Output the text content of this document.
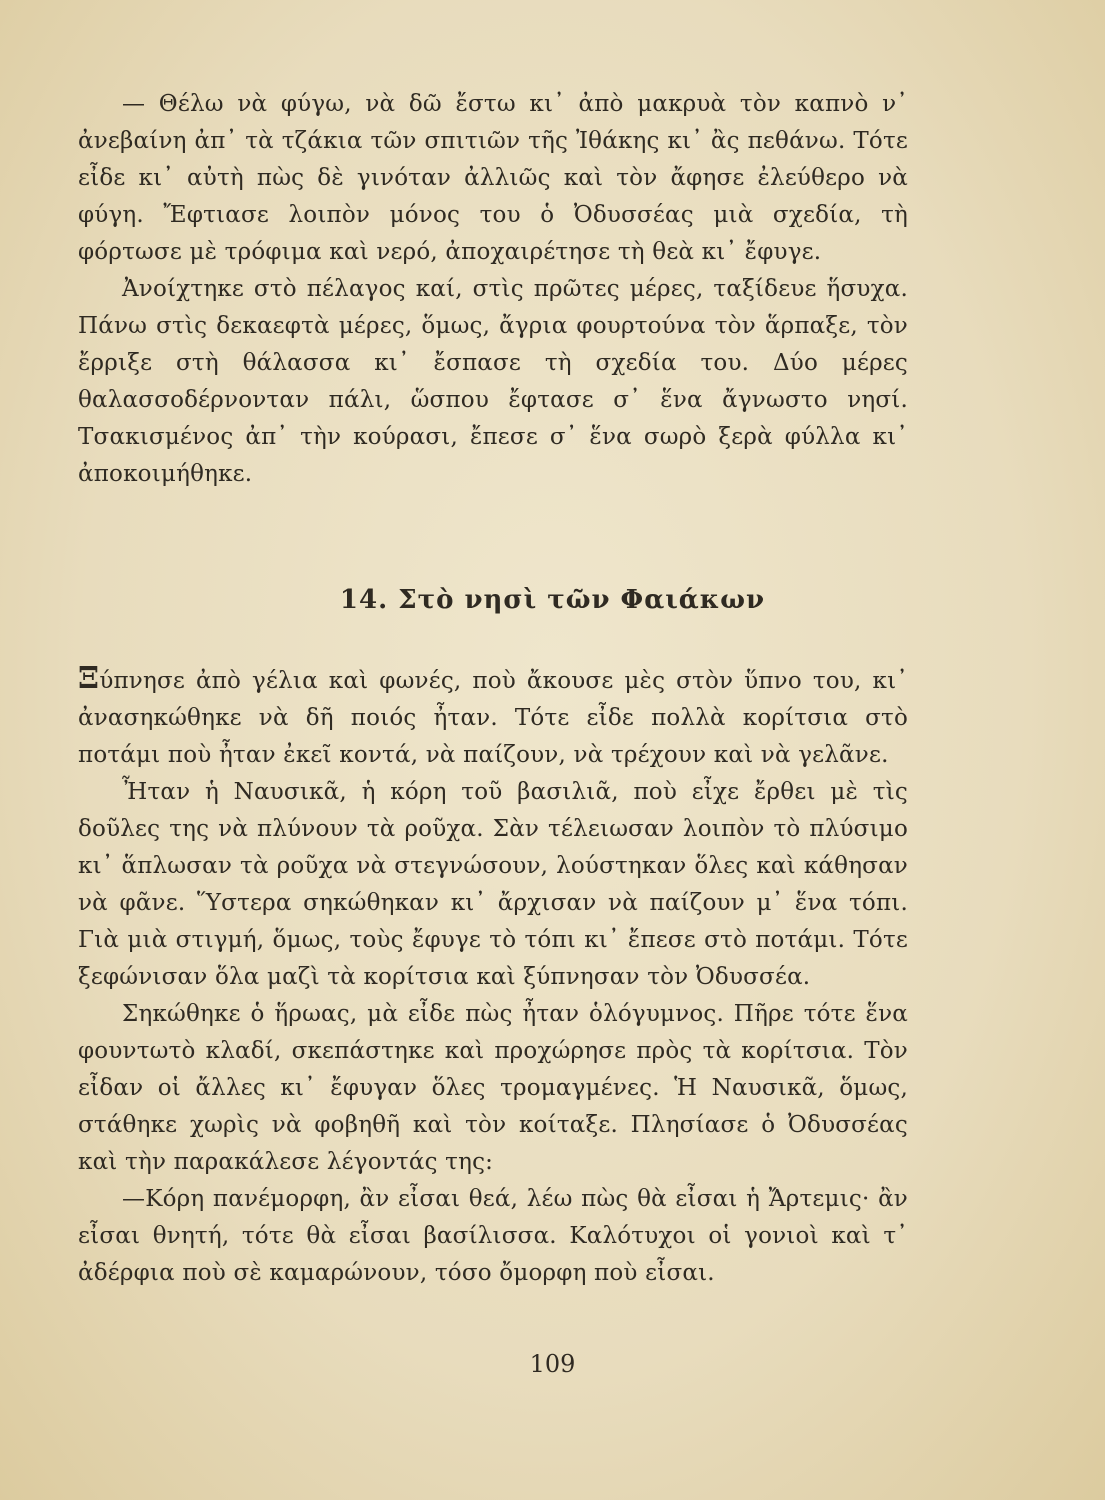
— Θέλω νὰ φύγω, νὰ δῶ ἔστω κι᾽ ἀπὸ μακρυὰ τὸν καπνὸ ν᾽ ἀνεβαίνη ἀπ᾽ τὰ τζάκια τῶν σπιτιῶν τῆς Ἰθάκης κι᾽ ἂς πεθάνω. Τότε εἶδε κι᾽ αὐτὴ πὼς δὲ γινόταν ἀλλιῶς καὶ τὸν ἄφησε ἐλεύθερο νὰ φύγη. Ἔφτιασε λοιπὸν μόνος του ὁ Ὀδυσσέας μιὰ σχεδία, τὴ φόρτωσε μὲ τρόφιμα καὶ νερό, ἀποχαιρέτησε τὴ θεὰ κι᾽ ἔφυγε.

Ἀνοίχτηκε στὸ πέλαγος καί, στὶς πρῶτες μέρες, ταξίδευε ἥσυχα. Πάνω στὶς δεκαεφτὰ μέρες, ὅμως, ἄγρια φουρτούνα τὸν ἅρπαξε, τὸν ἔρριξε στὴ θάλασσα κι᾽ ἔσπασε τὴ σχεδία του. Δύο μέρες θαλασσοδέρνονταν πάλι, ὥσπου ἔφτασε σ᾽ ἕνα ἄγνωστο νησί. Τσακισμένος ἀπ᾽ τὴν κούρασι, ἔπεσε σ᾽ ἕνα σωρὸ ξερὰ φύλλα κι᾽ ἀποκοιμήθηκε.

14. Στὸ νησὶ τῶν Φαιάκων

Ξύπνησε ἀπὸ γέλια καὶ φωνές, ποὺ ἄκουσε μὲς στὸν ὕπνο του, κι᾽ ἀνασηκώθηκε νὰ δῆ ποιός ἦταν. Τότε εἶδε πολλὰ κορίτσια στὸ ποτάμι ποὺ ἦταν ἐκεῖ κοντά, νὰ παίζουν, νὰ τρέχουν καὶ νὰ γελᾶνε.

Ἦταν ἡ Ναυσικᾶ, ἡ κόρη τοῦ βασιλιᾶ, ποὺ εἶχε ἔρθει μὲ τὶς δοῦλες της νὰ πλύνουν τὰ ροῦχα. Σὰν τέλειωσαν λοιπὸν τὸ πλύσιμο κι᾽ ἅπλωσαν τὰ ροῦχα νὰ στεγνώσουν, λούστηκαν ὅλες καὶ κάθησαν νὰ φᾶνε. Ὕστερα σηκώθηκαν κι᾽ ἄρχισαν νὰ παίζουν μ᾽ ἕνα τόπι. Γιὰ μιὰ στιγμή, ὅμως, τοὺς ἔφυγε τὸ τόπι κι᾽ ἔπεσε στὸ ποτάμι. Τότε ξεφώνισαν ὅλα μαζὶ τὰ κορίτσια καὶ ξύπνησαν τὸν Ὀδυσσέα.

Σηκώθηκε ὁ ἥρωας, μὰ εἶδε πὼς ἦταν ὁλόγυμνος. Πῆρε τότε ἕνα φουντωτὸ κλαδί, σκεπάστηκε καὶ προχώρησε πρὸς τὰ κορίτσια. Τὸν εἶδαν οἱ ἄλλες κι᾽ ἔφυγαν ὅλες τρομαγμένες. Ἡ Ναυσικᾶ, ὅμως, στάθηκε χωρὶς νὰ φοβηθῆ καὶ τὸν κοίταξε. Πλησίασε ὁ Ὀδυσσέας καὶ τὴν παρακάλεσε λέγοντάς της:

—Κόρη πανέμορφη, ἂν εἶσαι θεά, λέω πὼς θὰ εἶσαι ἡ Ἄρτεμις· ἂν εἶσαι θνητή, τότε θὰ εἶσαι βασίλισσα. Καλότυχοι οἱ γονιοὶ καὶ τ᾽ ἀδέρφια ποὺ σὲ καμαρώνουν, τόσο ὄμορφη ποὺ εἶσαι.

109
